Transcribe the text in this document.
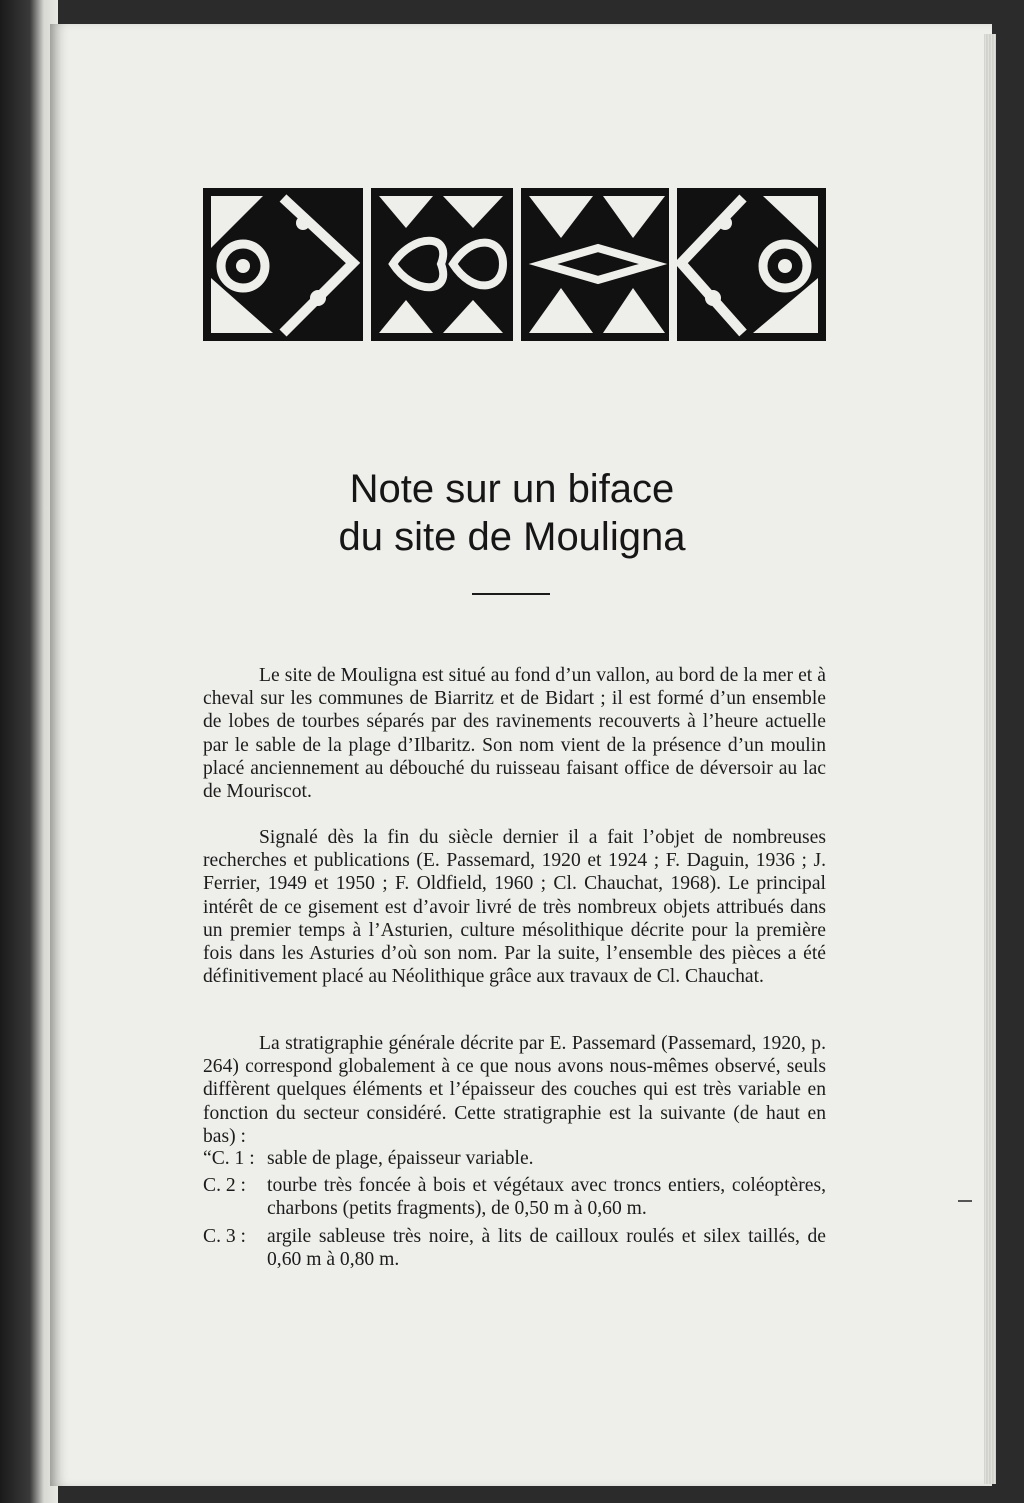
Note sur un biface
du site de Mouligna

Le site de Mouligna est situé au fond d’un vallon, au bord de la mer et à cheval sur les communes de Biarritz et de Bidart ; il est formé d’un ensemble de lobes de tourbes séparés par des ravinements recouverts à l’heure actuelle par le sable de la plage d’Ilbaritz. Son nom vient de la présence d’un moulin placé anciennement au débouché du ruisseau faisant office de déversoir au lac de Mouriscot.

Signalé dès la fin du siècle dernier il a fait l’objet de nombreuses recherches et publications (E. Passemard, 1920 et 1924 ; F. Daguin, 1936 ; J. Ferrier, 1949 et 1950 ; F. Oldfield, 1960 ; Cl. Chauchat, 1968). Le principal intérêt de ce gisement est d’avoir livré de très nombreux objets attribués dans un premier temps à l’Asturien, culture mésolithique décrite pour la première fois dans les Asturies d’où son nom. Par la suite, l’ensemble des pièces a été définitivement placé au Néolithique grâce aux travaux de Cl. Chauchat.

La stratigraphie générale décrite par E. Passemard (Passemard, 1920, p. 264) correspond globalement à ce que nous avons nous-mêmes observé, seuls diffèrent quelques éléments et l’épaisseur des couches qui est très variable en fonction du secteur considéré. Cette stratigraphie est la suivante (de haut en bas) :

“C. 1 : sable de plage, épaisseur variable.
C. 2 :	tourbe très foncée à bois et végétaux avec troncs entiers, coléoptères, charbons (petits fragments), de 0,50 m à 0,60 m.
C. 3 :	argile sableuse très noire, à lits de cailloux roulés et silex taillés, de 0,60 m à 0,80 m.
